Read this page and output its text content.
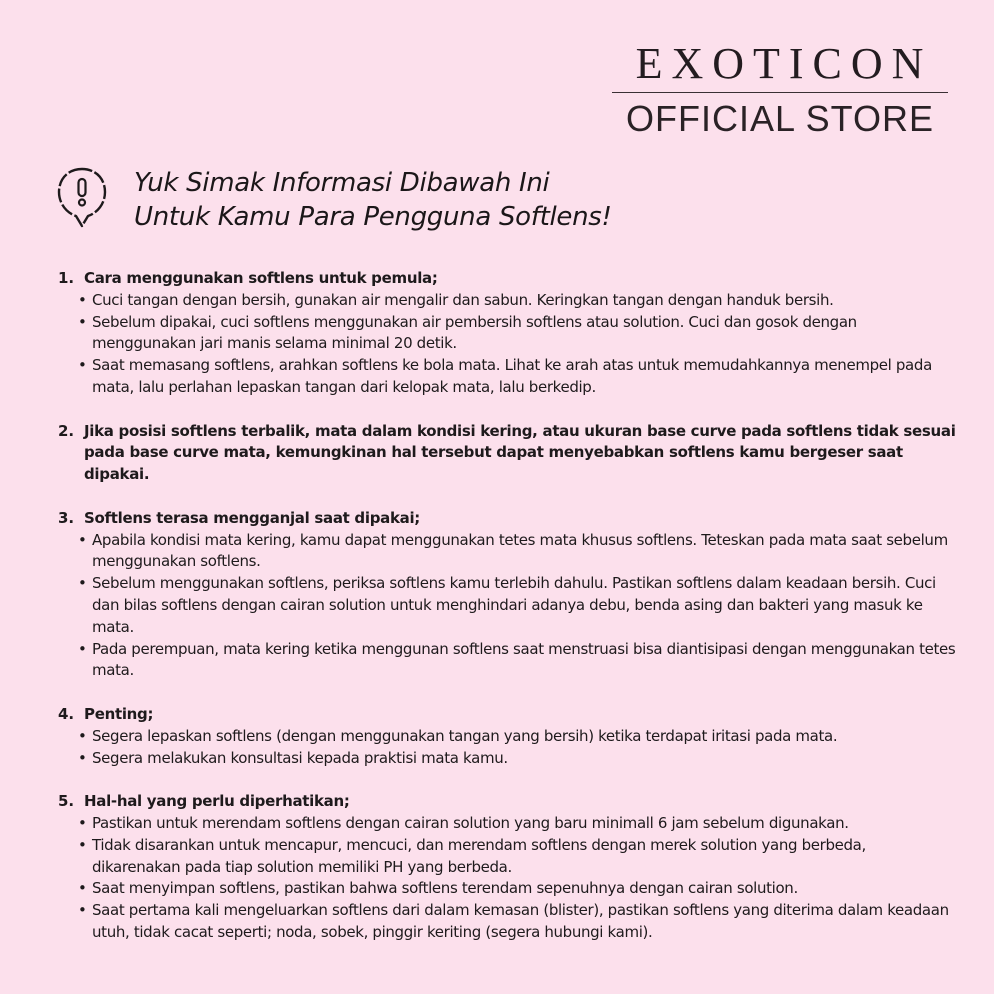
EXOTICON
OFFICIAL STORE
Yuk Simak Informasi Dibawah Ini
Untuk Kamu Para Pengguna Softlens!
1. Cara menggunakan softlens untuk pemula;
• Cuci tangan dengan bersih, gunakan air mengalir dan sabun. Keringkan tangan dengan handuk bersih.
• Sebelum dipakai, cuci softlens menggunakan air pembersih softlens atau solution. Cuci dan gosok dengan menggunakan jari manis selama minimal 20 detik.
• Saat memasang softlens, arahkan softlens ke bola mata. Lihat ke arah atas untuk memudahkannya menempel pada mata, lalu perlahan lepaskan tangan dari kelopak mata, lalu berkedip.
2. Jika posisi softlens terbalik, mata dalam kondisi kering, atau ukuran base curve pada softlens tidak sesuai pada base curve mata, kemungkinan hal tersebut dapat menyebabkan softlens kamu bergeser saat dipakai.
3. Softlens terasa mengganjal saat dipakai;
• Apabila kondisi mata kering, kamu dapat menggunakan tetes mata khusus softlens. Teteskan pada mata saat sebelum menggunakan softlens.
• Sebelum menggunakan softlens, periksa softlens kamu terlebih dahulu. Pastikan softlens dalam keadaan bersih. Cuci dan bilas softlens dengan cairan solution untuk menghindari adanya debu, benda asing dan bakteri yang masuk ke mata.
• Pada perempuan, mata kering ketika menggunan softlens saat menstruasi bisa diantisipasi dengan menggunakan tetes mata.
4. Penting;
• Segera lepaskan softlens (dengan menggunakan tangan yang bersih) ketika terdapat iritasi pada mata.
• Segera melakukan konsultasi kepada praktisi mata kamu.
5. Hal-hal yang perlu diperhatikan;
• Pastikan untuk merendam softlens dengan cairan solution yang baru minimall 6 jam sebelum digunakan.
• Tidak disarankan untuk mencapur, mencuci, dan merendam softlens dengan merek solution yang berbeda, dikarenakan pada tiap solution memiliki PH yang berbeda.
• Saat menyimpan softlens, pastikan bahwa softlens terendam sepenuhnya dengan cairan solution.
• Saat pertama kali mengeluarkan softlens dari dalam kemasan (blister), pastikan softlens yang diterima dalam keadaan utuh, tidak cacat seperti; noda, sobek, pinggir keriting (segera hubungi kami).
